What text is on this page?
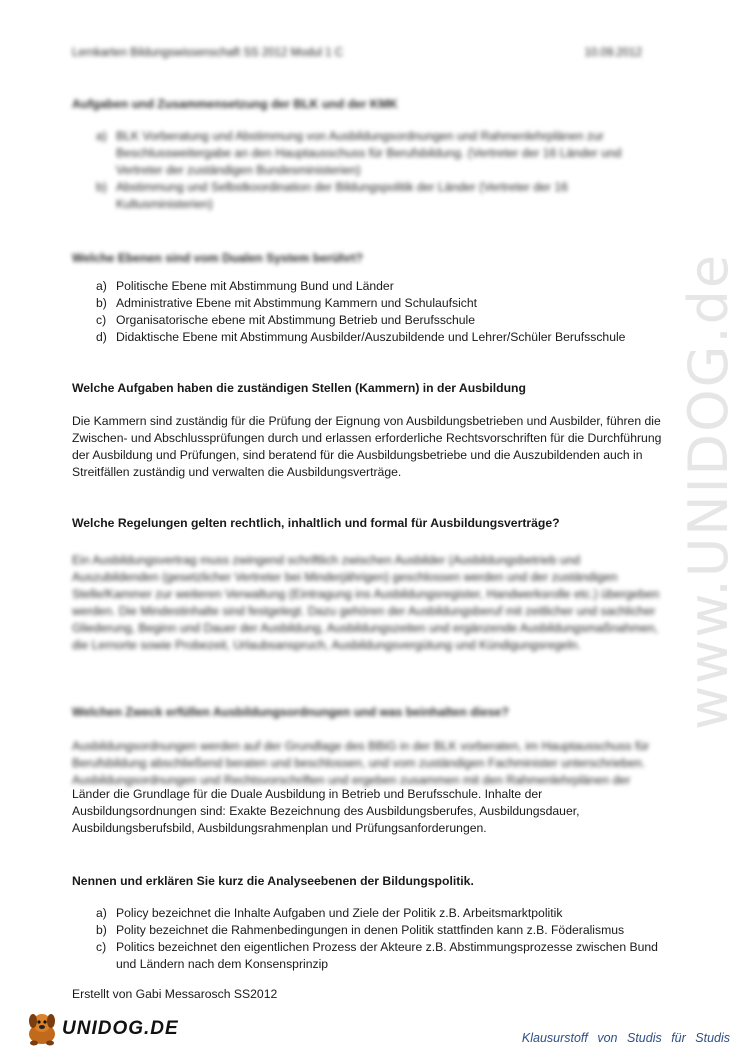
Lernkarten Bildungswissenschaft SS 2012 Modul 1 C	10.09.2012
www.UNIDOG.de
Aufgaben und Zusammensetzung der BLK und der KMK
a) BLK Vorberatung und Abstimmung von Ausbildungsordnungen und Rahmenlehrplänen zur Beschlussweitergabe an den Hauptausschuss für Berufsbildung. (Vertreter der 16 Länder und Vertreter der zuständigen Bundesministerien)
b) Abstimmung und Selbstkoordination der Bildungspolitik der Länder (Vertreter der 16 Kultusministerien)
Welche Ebenen sind vom Dualen System berührt?
a) Politische Ebene mit Abstimmung Bund und Länder
b) Administrative Ebene mit Abstimmung Kammern und Schulaufsicht
c) Organisatorische ebene mit Abstimmung Betrieb und Berufsschule
d) Didaktische Ebene mit Abstimmung Ausbilder/Auszubildende und Lehrer/Schüler Berufsschule
Welche Aufgaben haben die zuständigen Stellen (Kammern) in der Ausbildung

Die Kammern sind zuständig für die Prüfung der Eignung von Ausbildungsbetrieben und Ausbilder, führen die Zwischen- und Abschlussprüfungen durch und erlassen erforderliche Rechtsvorschriften für die Durchführung der Ausbildung und Prüfungen, sind beratend für die Ausbildungsbetriebe und die Auszubildenden auch in Streitfällen zuständig und verwalten die Ausbildungsverträge.

Welche Regelungen gelten rechtlich, inhaltlich und formal für Ausbildungsverträge?

Ein Ausbildungsvertrag muss zwingend schriftlich zwischen Ausbilder (Ausbildungsbetrieb und Auszubildenden (gesetzlicher Vertreter bei Minderjährigen) geschlossen werden und der zuständigen Stelle/Kammer zur weiteren Verwaltung (Eintragung ins Ausbildungsregister, Handwerksrolle etc.) übergeben werden. Die Mindestinhalte sind festgelegt. Dazu gehören der Ausbildungsberuf mit zeitlicher und sachlicher Gliederung, Beginn und Dauer der Ausbildung, Ausbildungszeiten und ergänzende Ausbildungsmaßnahmen, die Lernorte sowie Probezeit, Urlaubsanspruch, Ausbildungsvergütung und Kündigungsregeln.

Welchen Zweck erfüllen Ausbildungsordnungen und was beinhalten diese?

Ausbildungsordnungen werden auf der Grundlage des BBiG in der BLK vorberaten, im Hauptausschuss für Berufsbildung abschließend beraten und beschlossen, und vom zuständigen Fachminister unterschrieben. Ausbildungsordnungen und Rechtsvorschriften und ergeben zusammen mit den Rahmenlehrplänen der

Länder die Grundlage für die Duale Ausbildung in Betrieb und Berufsschule. Inhalte der Ausbildungsordnungen sind: Exakte Bezeichnung des Ausbildungsberufes, Ausbildungsdauer, Ausbildungsberufsbild, Ausbildungsrahmenplan und Prüfungsanforderungen.

Nennen und erklären Sie kurz die Analyseebenen der Bildungspolitik.
a) Policy bezeichnet die Inhalte Aufgaben und Ziele der Politik z.B. Arbeitsmarktpolitik
b) Polity bezeichnet die Rahmenbedingungen in denen Politik stattfinden kann z.B. Föderalismus
c) Politics bezeichnet den eigentlichen Prozess der Akteure z.B. Abstimmungsprozesse zwischen Bund und Ländern nach dem Konsensprinzip
Erstellt von Gabi Messarosch SS2012
UNIDOG.DE	Klausurstoff von Studis für Studis
